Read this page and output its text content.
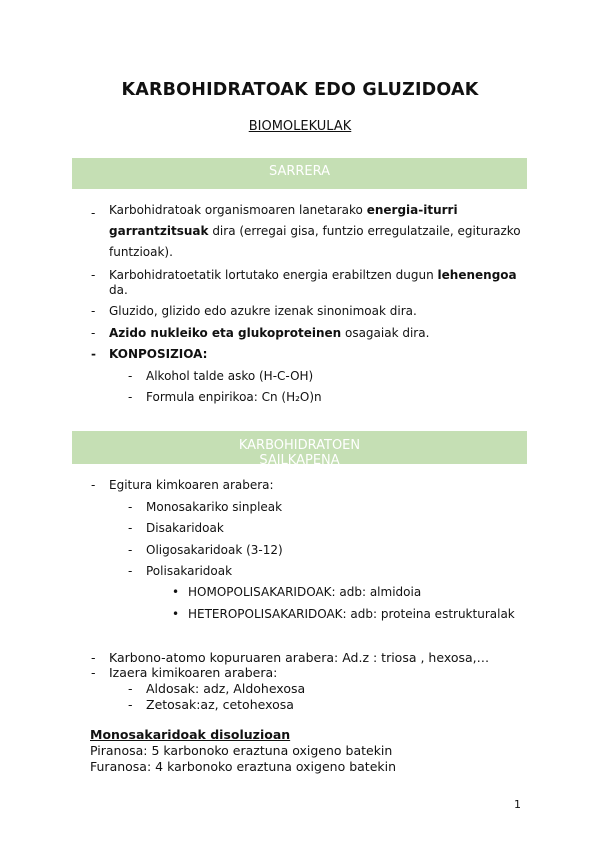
KARBOHIDRATOAK EDO GLUZIDOAK
BIOMOLEKULAK
SARRERA
- Karbohidratoak organismoaren lanetarako energia-iturri garrantzitsuak dira (erregai gisa, funtzio erregulatzaile, egiturazko funtzioak).
- Karbohidratoetatik lortutako energia erabiltzen dugun lehenengoa da.
- Gluzido, glizido edo azukre izenak sinonimoak dira.
- Azido nukleiko eta glukoproteinen osagaiak dira.
- KONPOSIZIOA:
- Alkohol talde asko (H-C-OH)
- Formula enpirikoa: Cn (H₂O)n
KARBOHIDRATOEN
SAILKAPENA
- Egitura kimkoaren arabera:
- Monosakariko sinpleak
- Disakaridoak
- Oligosakaridoak (3-12)
- Polisakaridoak
• HOMOPOLISAKARIDOAK: adb: almidoia
• HETEROPOLISAKARIDOAK: adb: proteina estrukturalak
- Karbono-atomo kopuruaren arabera: Ad.z : triosa , hexosa,…
- Izaera kimikoaren arabera:
- Aldosak: adz, Aldohexosa
- Zetosak:az, cetohexosa
Monosakaridoak disoluzioan
Piranosa: 5 karbonoko eraztuna oxigeno batekin
Furanosa: 4 karbonoko eraztuna oxigeno batekin
1
